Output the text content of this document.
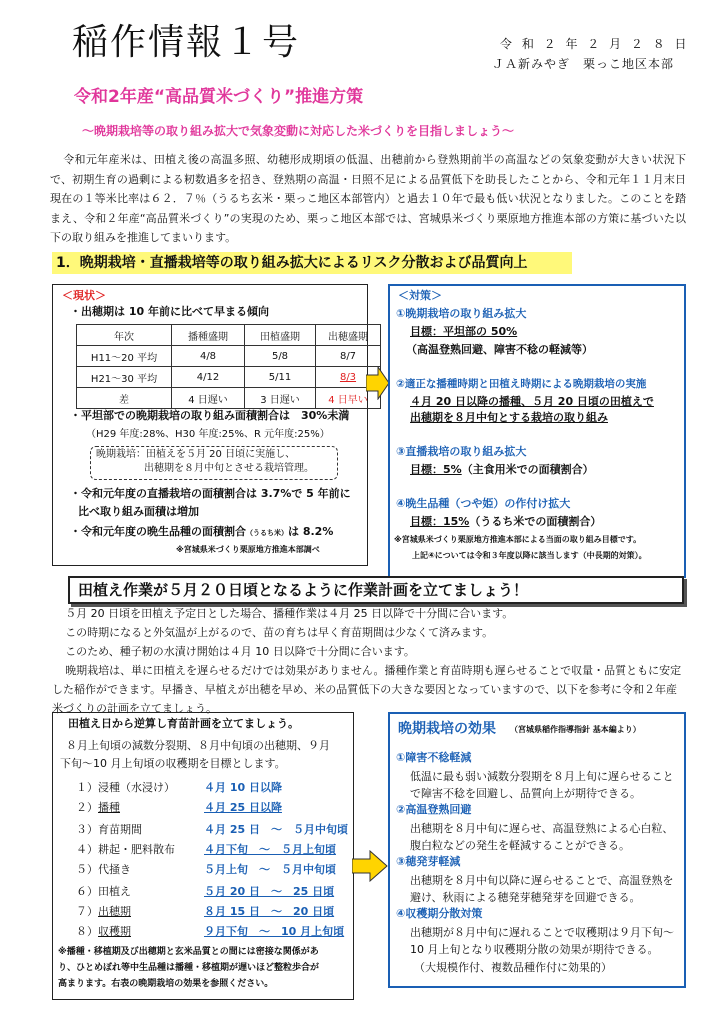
稲作情報１号	令 和 ２ 年 ２ 月 ２ ８ 日
ＪＡ新みやぎ　栗っこ地区本部
令和2年産“高品質米づくり”推進方策
〜晩期栽培等の取り組み拡大で気象変動に対応した米づくりを目指しましょう〜

令和元年産米は、田植え後の高温多照、幼穂形成期頃の低温、出穂前から登熟期前半の高温などの気象変動が大きい状況下で、初期生育の過剰による籾数過多を招き、登熟期の高温・日照不足による品質低下を助長したことから、令和元年１１月末日現在の１等米比率は６２．７％（うるち玄米・栗っこ地区本部管内）と過去１０年で最も低い状況となりました。このことを踏まえ、令和２年産“高品質米づくり”の実現のため、栗っこ地区本部では、宮城県米づくり栗原地方推進本部の方策に基づいた以下の取り組みを推進してまいります。

1．晩期栽培・直播栽培等の取り組み拡大によるリスク分散および品質向上
＜現状＞
・出穂期は 10 年前に比べて早まる傾向
年次	播種盛期	田植盛期	出穂盛期
H11〜20 平均	4/8	5/8	8/7
H21〜30 平均	4/12	5/11	8/3
差	4 日遅い	3 日遅い	4 日早い
・平坦部での晩期栽培の取り組み面積割合は　30%未満
（H29 年度:28%、H30 年度:25%、R 元年度:25%）
晩期栽培：田植えを５月 20 日頃に実施し、
出穂期を８月中旬とさせる栽培管理。
・令和元年度の直播栽培の面積割合は 3.7%で 5 年前に
比べ取り組み面積は増加
・令和元年度の晩生品種の面積割合（うるち米）は 8.2%
※宮城県米づくり栗原地方推進本部調べ
＜対策＞
①晩期栽培の取り組み拡大
目標：平坦部の 50%
（高温登熟回避、障害不稔の軽減等）
②適正な播種時期と田植え時期による晩期栽培の実施
４月 20 日以降の播種、５月 20 日頃の田植えで
出穂期を８月中旬とする栽培の取り組み
③直播栽培の取り組み拡大
目標：5%（主食用米での面積割合）
④晩生品種（つや姫）の作付け拡大
目標：15%（うるち米での面積割合）
※宮城県米づくり栗原地方推進本部による当面の取り組み目標です。
上記④については令和３年度以降に該当します（中長期的対策）。
田植え作業が５月２０日頃となるように作業計画を立てましょう！

５月 20 日頃を田植え予定日とした場合、播種作業は４月 25 日以降で十分間に合います。

この時期になると外気温が上がるので、苗の育ちは早く育苗期間は少なくて済みます。

このため、種子籾の水漬け開始は４月 10 日以降で十分間に合います。

晩期栽培は、単に田植えを遅らせるだけでは効果がありません。播種作業と育苗時期も遅らせることで収量・品質ともに安定した稲作ができます。早播き、早植えが出穂を早め、米の品質低下の大きな要因となっていますので、以下を参考に令和２年産米づくりの計画を立てましょう。

田植え日から逆算し育苗計画を立てましょう。
８月上旬頃の減数分裂期、８月中旬頃の出穂期、９月
下旬〜10 月上旬頃の収穫期を目標とします。
１）浸種（水浸け）	４月 10 日以降
２）播種	４月 25 日以降
３）育苗期間	４月 25 日　〜　５月中旬頃
４）耕起・肥料散布	４月下旬　〜　５月上旬頃
５）代掻き	５月上旬　〜　５月中旬頃
６）田植え	５月 20 日　〜　25 日頃
７）出穂期	８月 15 日　〜　20 日頃
８）収穫期	９月下旬　〜　10 月上旬頃
※播種・移植期及び出穂期と玄米品質との間には密接な関係があ
り、ひとめぼれ等中生品種は播種・移植期が遅いほど整粒歩合が
高まります。右表の晩期栽培の効果を参照ください。
晩期栽培の効果 （宮城県稲作指導指針 基本編より）
①障害不稔軽減
低温に最も弱い減数分裂期を８月上旬に遅らせることで障害不稔を回避し、品質向上が期待できる。
②高温登熟回避
出穂期を８月中旬に遅らせ、高温登熟による心白粒、腹白粒などの発生を軽減することができる。
③穂発芽軽減
出穂期を８月中旬以降に遅らせることで、高温登熟を避け、秋雨による穂発芽穂発芽を回避できる。
④収穫期分散対策
出穂期が８月中旬に遅れることで収穫期は９月下旬〜10 月上旬となり収穫期分散の効果が期待できる。
（大規模作付、複数品種作付に効果的）
